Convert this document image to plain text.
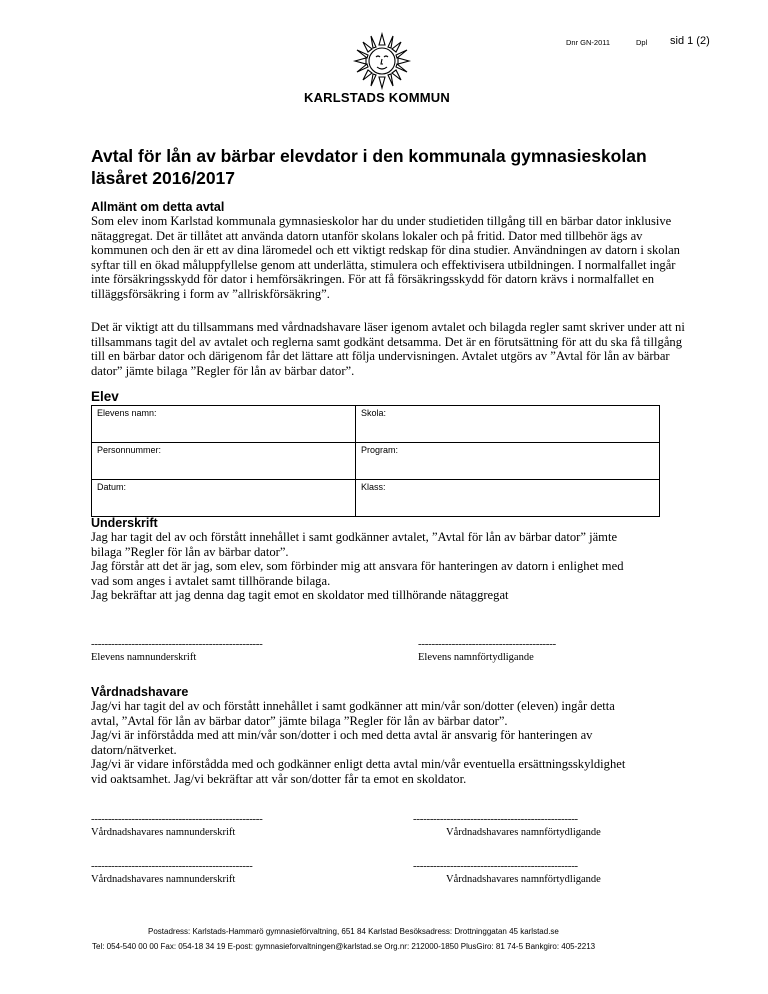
Dnr GN-2011	Dpl sid 1 (2)
KARLSTADS KOMMUN
Avtal för lån av bärbar elevdator i den kommunala gymnasieskolan läsåret 2016/2017
Allmänt om detta avtal

Som elev inom Karlstad kommunala gymnasieskolor har du under studietiden tillgång till en bärbar dator inklusive nätaggregat. Det är tillåtet att använda datorn utanför skolans lokaler och på fritid. Dator med tillbehör ägs av kommunen och den är ett av dina läromedel och ett viktigt redskap för dina studier. Användningen av datorn i skolan syftar till en ökad måluppfyllelse genom att underlätta, stimulera och effektivisera utbildningen. I normalfallet ingår inte försäkringsskydd för dator i hemförsäkringen. För att få försäkringsskydd för datorn krävs i normalfallet en tilläggsförsäkring i form av ”allriskförsäkring”.

Det är viktigt att du tillsammans med vårdnadshavare läser igenom avtalet och bilagda regler samt skriver under att ni tillsammans tagit del av avtalet och reglerna samt godkänt detsamma. Det är en förutsättning för att du ska få tillgång till en bärbar dator och därigenom får det lättare att följa undervisningen. Avtalet utgörs av ”Avtal för lån av bärbar dator” jämte bilaga ”Regler för lån av bärbar dator”.

Elev
Elevens namn:	Skola:
Personnummer:	Program:
Datum:	Klass:
Underskrift

Jag har tagit del av och förstått innehållet i samt godkänner avtalet, ”Avtal för lån av bärbar dator” jämte

bilaga ”Regler för lån av bärbar dator”.

Jag förstår att det är jag, som elev, som förbinder mig att ansvara för hanteringen av datorn i enlighet med

vad som anges i avtalet samt tillhörande bilaga.

Jag bekräftar att jag denna dag tagit emot en skoldator med tillhörande nätaggregat

---------------------------------------------------	-----------------------------------------
Elevens namnunderskrift	Elevens namnförtydligande
Vårdnadshavare

Jag/vi har tagit del av och förstått innehållet i samt godkänner att min/vår son/dotter (eleven) ingår detta

avtal, ”Avtal för lån av bärbar dator” jämte bilaga ”Regler för lån av bärbar dator”.

Jag/vi är införstådda med att min/vår son/dotter i och med detta avtal är ansvarig för hanteringen av

datorn/nätverket.

Jag/vi är vidare införstådda med och godkänner enligt detta avtal min/vår eventuella ersättningsskyldighet

vid oaktsamhet. Jag/vi bekräftar att vår son/dotter får ta emot en skoldator.

---------------------------------------------------	-------------------------------------------------
Vårdnadshavares namnunderskrift	Vårdnadshavares namnförtydligande
------------------------------------------------	-------------------------------------------------
Vårdnadshavares namnunderskrift	Vårdnadshavares namnförtydligande
Postadress: Karlstads-Hammarö gymnasieförvaltning, 651 84 Karlstad Besöksadress: Drottninggatan 45 karlstad.se
Tel: 054-540 00 00 Fax: 054-18 34 19 E-post: gymnasieforvaltningen@karlstad.se Org.nr: 212000-1850 PlusGiro: 81 74-5 Bankgiro: 405-2213
